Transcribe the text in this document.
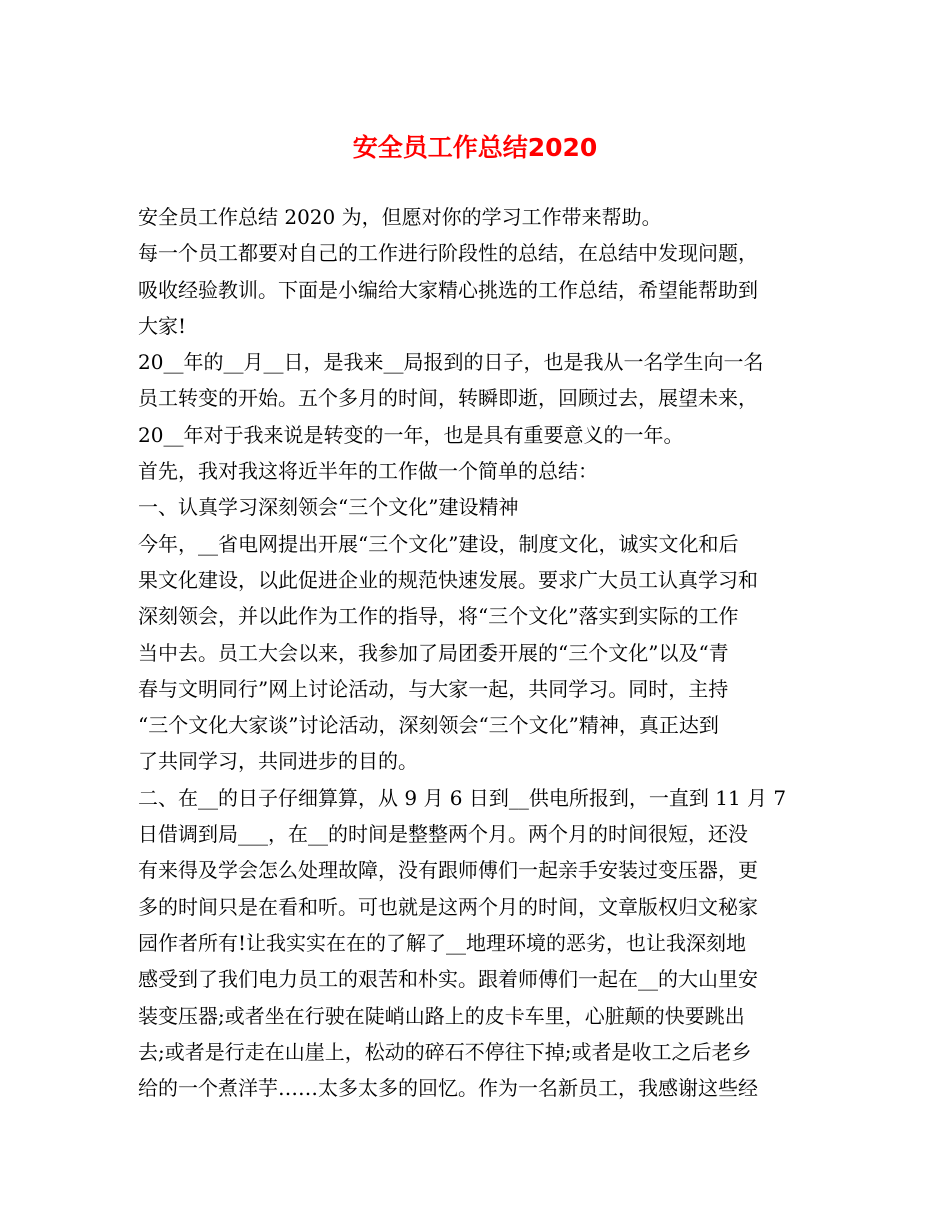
安全员工作总结2020
安全员工作总结 2020 为，但愿对你的学习工作带来帮助。
每一个员工都要对自己的工作进行阶段性的总结，在总结中发现问题，
吸收经验教训。下面是小编给大家精心挑选的工作总结，希望能帮助到
大家!
20__年的__月__日，是我来__局报到的日子，也是我从一名学生向一名
员工转变的开始。五个多月的时间，转瞬即逝，回顾过去，展望未来，
20__年对于我来说是转变的一年，也是具有重要意义的一年。
首先，我对我这将近半年的工作做一个简单的总结：
一、认真学习深刻领会“三个文化”建设精神
今年，__省电网提出开展“三个文化”建设，制度文化，诚实文化和后
果文化建设，以此促进企业的规范快速发展。要求广大员工认真学习和
深刻领会，并以此作为工作的指导，将“三个文化”落实到实际的工作
当中去。员工大会以来，我参加了局团委开展的“三个文化”以及“青
春与文明同行”网上讨论活动，与大家一起，共同学习。同时，主持
“三个文化大家谈”讨论活动，深刻领会“三个文化”精神，真正达到
了共同学习，共同进步的目的。
二、在__的日子仔细算算，从 9 月 6 日到__供电所报到，一直到 11 月 7
日借调到局___，在__的时间是整整两个月。两个月的时间很短，还没
有来得及学会怎么处理故障，没有跟师傅们一起亲手安装过变压器，更
多的时间只是在看和听。可也就是这两个月的时间，文章版权归文秘家
园作者所有!让我实实在在的了解了__地理环境的恶劣，也让我深刻地
感受到了我们电力员工的艰苦和朴实。跟着师傅们一起在__的大山里安
装变压器;或者坐在行驶在陡峭山路上的皮卡车里，心脏颠的快要跳出
去;或者是行走在山崖上，松动的碎石不停往下掉;或者是收工之后老乡
给的一个煮洋芋……太多太多的回忆。作为一名新员工，我感谢这些经
